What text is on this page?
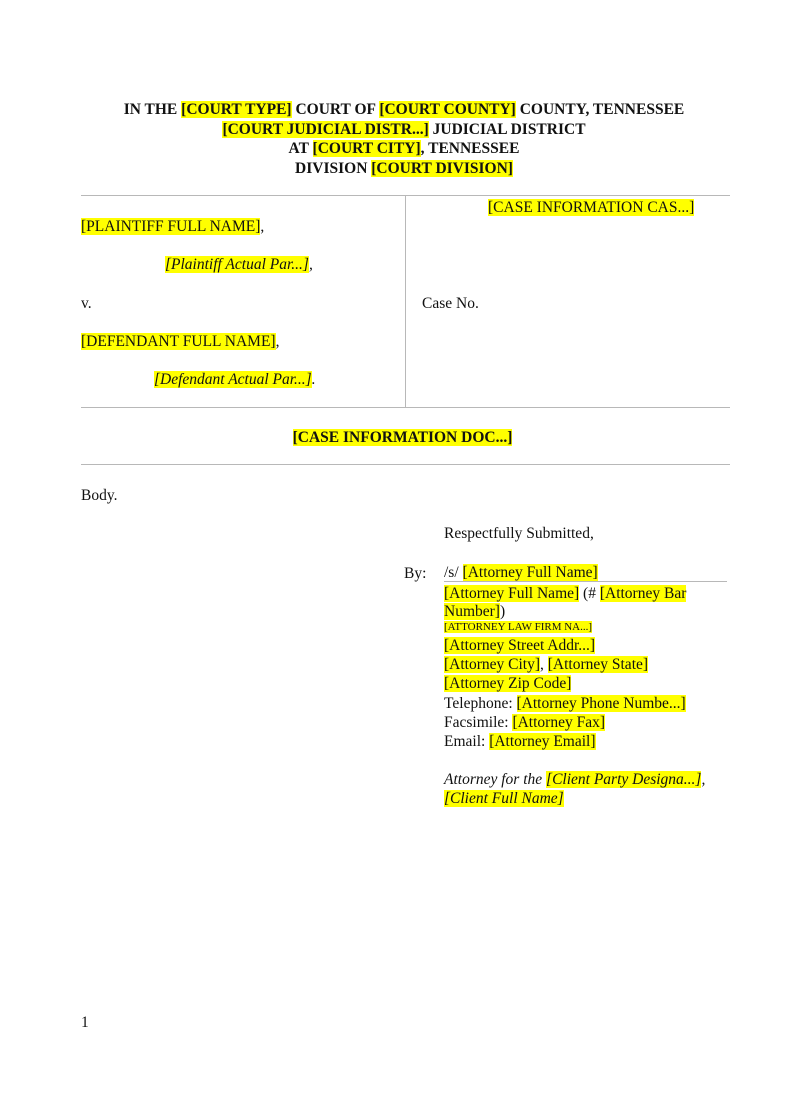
IN THE [COURT TYPE] COURT OF [COURT COUNTY] COUNTY, TENNESSEE
[COURT JUDICIAL DISTR...] JUDICIAL DISTRICT
AT [COURT CITY], TENNESSEE
DIVISION [COURT DIVISION]
[CASE INFORMATION CAS...]
Case No.
[PLAINTIFF FULL NAME],
[Plaintiff Actual Par...],
v.
[DEFENDANT FULL NAME],
[Defendant Actual Par...].
[CASE INFORMATION DOC...]
Body.
Respectfully Submitted,
By: /s/ [Attorney Full Name]
[Attorney Full Name] (# [Attorney Bar
Number])
[ATTORNEY LAW FIRM NA...]
[Attorney Street Addr...]
[Attorney City], [Attorney State]
[Attorney Zip Code]
Telephone: [Attorney Phone Numbe...]
Facsimile: [Attorney Fax]
Email: [Attorney Email]
Attorney for the [Client Party Designa...],
[Client Full Name]
1
